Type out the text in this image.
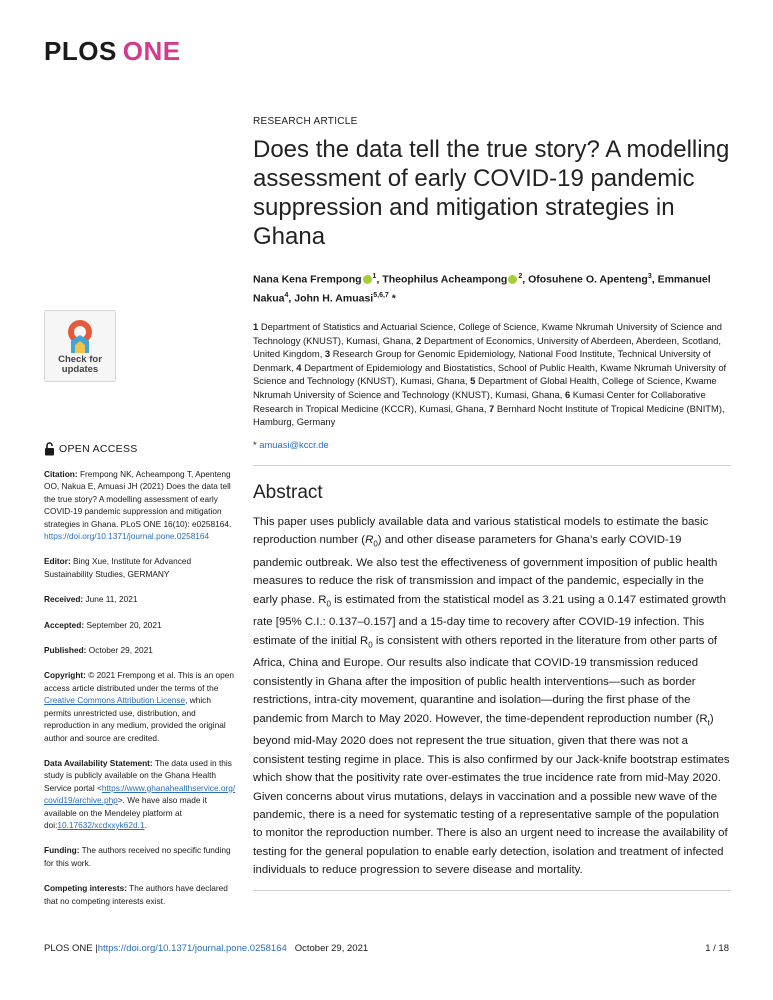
PLOS ONE
Check for
updates
RESEARCH ARTICLE
Does the data tell the true story? A modelling assessment of early COVID-19 pandemic suppression and mitigation strategies in Ghana
Nana Kena Frempong $^1$, Theophilus Acheampong $^2$, Ofosuhene O. Apenteng$^3$, Emmanuel Nakua$^4$, John H. Amuasi$^{5,6,7}$ *
1 Department of Statistics and Actuarial Science, College of Science, Kwame Nkrumah University of Science and Technology (KNUST), Kumasi, Ghana, 2 Department of Economics, University of Aberdeen, Aberdeen, Scotland, United Kingdom, 3 Research Group for Genomic Epidemiology, National Food Institute, Technical University of Denmark, 4 Department of Epidemiology and Biostatistics, School of Public Health, Kwame Nkrumah University of Science and Technology (KNUST), Kumasi, Ghana, 5 Department of Global Health, College of Science, Kwame Nkrumah University of Science and Technology (KNUST), Kumasi, Ghana, 6 Kumasi Center for Collaborative Research in Tropical Medicine (KCCR), Kumasi, Ghana, 7 Bernhard Nocht Institute of Tropical Medicine (BNITM), Hamburg, Germany
* amuasi@kccr.de
Abstract

This paper uses publicly available data and various statistical models to estimate the basic reproduction number $(R_0)$ and other disease parameters for Ghana’s early COVID-19 pandemic outbreak. We also test the effectiveness of government imposition of public health measures to reduce the risk of transmission and impact of the pandemic, especially in the early phase. $R_0$ is estimated from the statistical model as 3.21 using a 0.147 estimated growth rate [95% C.I.: 0.137–0.157] and a 15-day time to recovery after COVID-19 infection. This estimate of the initial $R_0$ is consistent with others reported in the literature from other parts of Africa, China and Europe. Our results also indicate that COVID-19 transmission reduced consistently in Ghana after the imposition of public health interventions—such as border restrictions, intra-city movement, quarantine and isolation—during the first phase of the pandemic from March to May 2020. However, the time-dependent reproduction number $(R_t)$ beyond mid-May 2020 does not represent the true situation, given that there was not a consistent testing regime in place. This is also confirmed by our Jack-knife bootstrap estimates which show that the positivity rate over-estimates the true incidence rate from mid-May 2020. Given concerns about virus mutations, delays in vaccination and a possible new wave of the pandemic, there is a need for systematic testing of a representative sample of the population to monitor the reproduction number. There is also an urgent need to increase the availability of testing for the general population to enable early detection, isolation and treatment of infected individuals to reduce progression to severe disease and mortality.

OPEN ACCESS

Citation: Frempong NK, Acheampong T, Apenteng OO, Nakua E, Amuasi JH (2021) Does the data tell the true story? A modelling assessment of early COVID-19 pandemic suppression and mitigation strategies in Ghana. PLoS ONE 16(10): e0258164. https://doi.org/10.1371/journal.pone.0258164

Editor: Bing Xue, Institute for Advanced Sustainability Studies, GERMANY

Received: June 11, 2021

Accepted: September 20, 2021

Published: October 29, 2021

Copyright: © 2021 Frempong et al. This is an open access article distributed under the terms of the Creative Commons Attribution License, which permits unrestricted use, distribution, and reproduction in any medium, provided the original author and source are credited.

Data Availability Statement: The data used in this study is publicly available on the Ghana Health Service portal <https://www.ghanahealthservice.org/covid19/archive.php>. We have also made it available on the Mendeley platform at doi:10.17632/xcdxxyk62d.1.

Funding: The authors received no specific funding for this work.

Competing interests: The authors have declared that no competing interests exist.

PLOS ONE |https://doi.org/10.1371/journal.pone.0258164 October 29, 2021	1 / 18
